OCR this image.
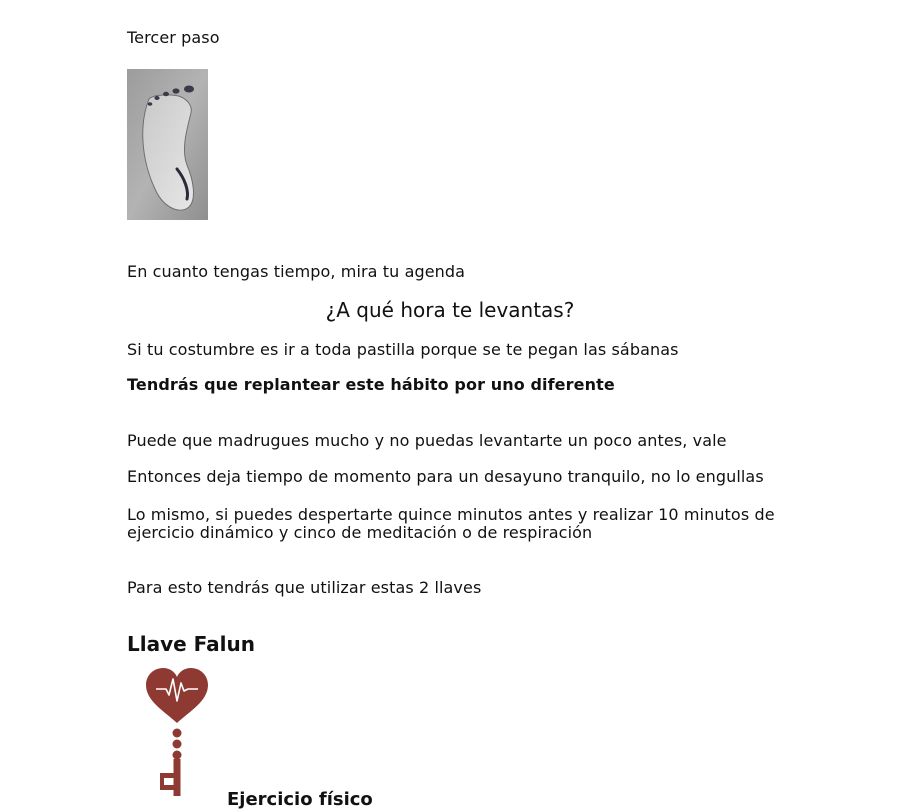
Tercer paso
En cuanto tengas tiempo, mira tu agenda
¿A qué hora te levantas?
Si tu costumbre es ir a toda pastilla porque se te pegan las sábanas
Tendrás que replantear este hábito por uno diferente
Puede que madrugues mucho y no puedas levantarte un poco antes, vale
Entonces deja tiempo de momento para un desayuno tranquilo, no lo engullas
Lo mismo, si puedes despertarte quince minutos antes y realizar 10 minutos de ejercicio dinámico y cinco de meditación o de respiración
Para esto tendrás que utilizar estas 2 llaves
Llave Falun
Ejercicio físico
